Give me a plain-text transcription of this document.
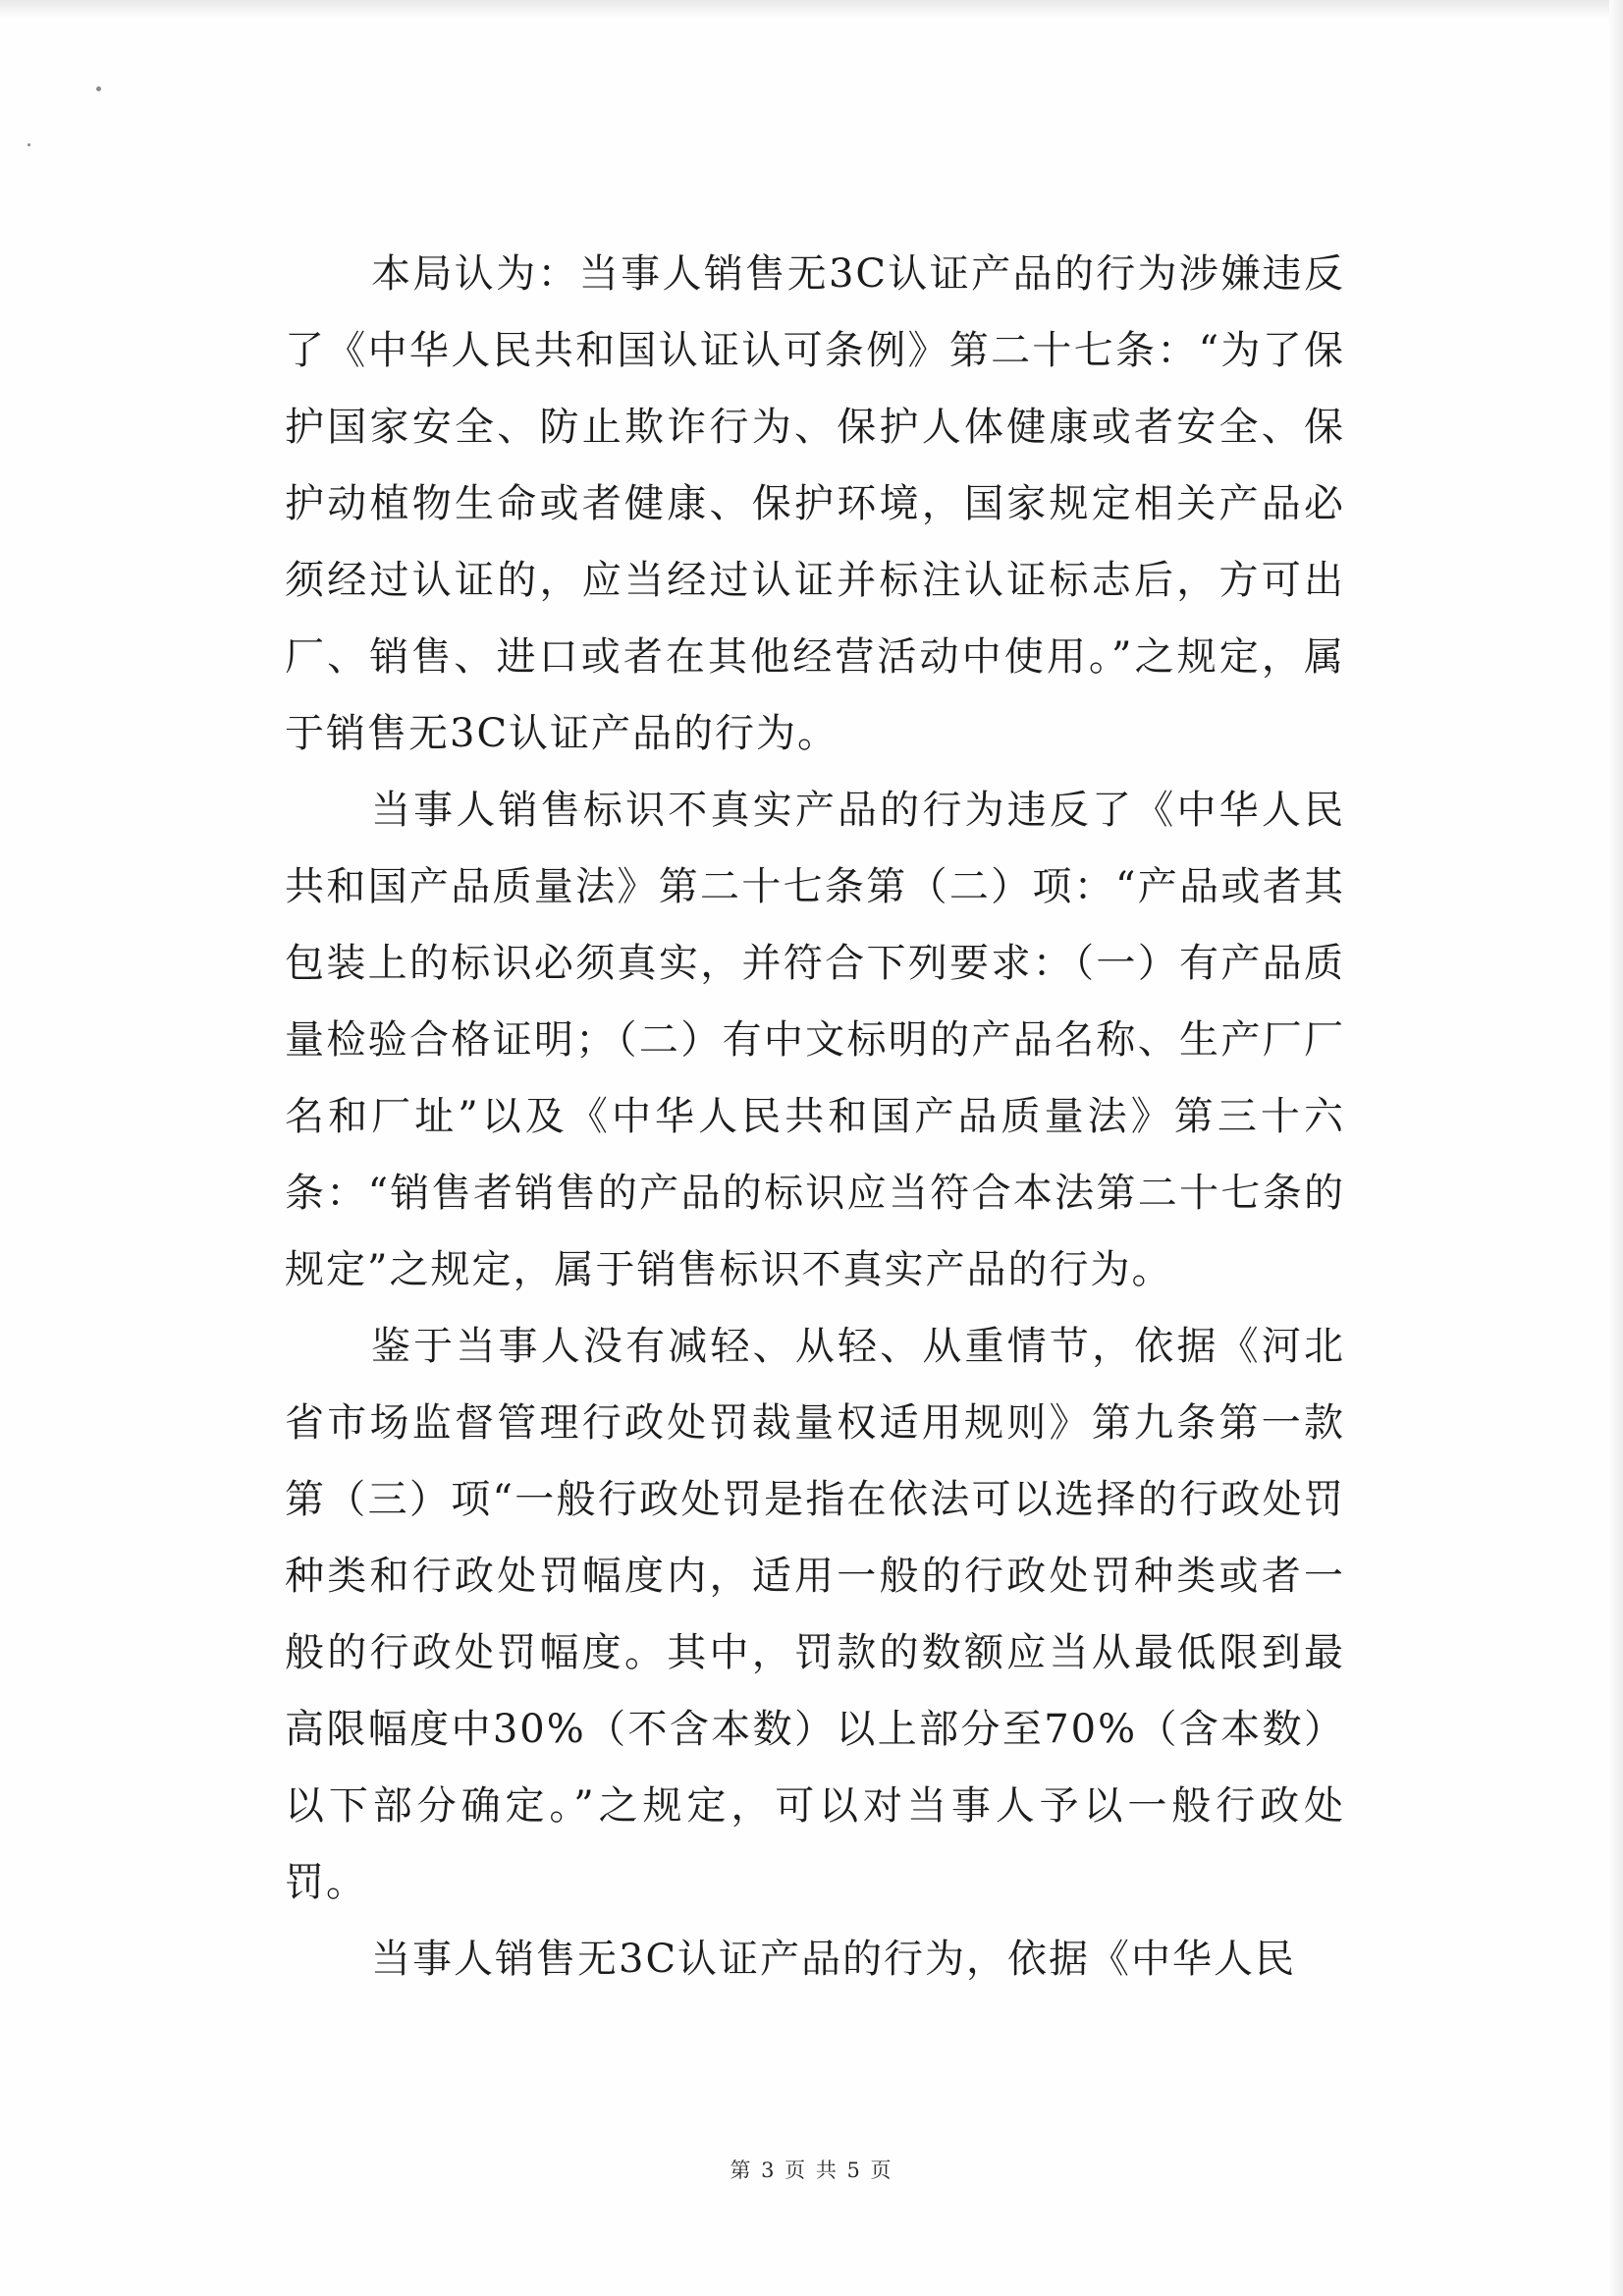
本局认为：当事人销售无3C认证产品的行为涉嫌违反了《中华人民共和国认证认可条例》第二十七条：“为了保护国家安全、防止欺诈行为、保护人体健康或者安全、保护动植物生命或者健康、保护环境，国家规定相关产品必须经过认证的，应当经过认证并标注认证标志后，方可出厂、销售、进口或者在其他经营活动中使用。”之规定，属于销售无3C认证产品的行为。

当事人销售标识不真实产品的行为违反了《中华人民共和国产品质量法》第二十七条第（二）项：“产品或者其包装上的标识必须真实，并符合下列要求：（一）有产品质量检验合格证明；（二）有中文标明的产品名称、生产厂厂名和厂址”以及《中华人民共和国产品质量法》第三十六条：“销售者销售的产品的标识应当符合本法第二十七条的规定”之规定，属于销售标识不真实产品的行为。

鉴于当事人没有减轻、从轻、从重情节，依据《河北省市场监督管理行政处罚裁量权适用规则》第九条第一款第（三）项“一般行政处罚是指在依法可以选择的行政处罚种类和行政处罚幅度内，适用一般的行政处罚种类或者一般的行政处罚幅度。其中，罚款的数额应当从最低限到最高限幅度中30%（不含本数）以上部分至70%（含本数）以下部分确定。”之规定，可以对当事人予以一般行政处罚。

当事人销售无3C认证产品的行为，依据《中华人民

第 3 页 共 5 页
